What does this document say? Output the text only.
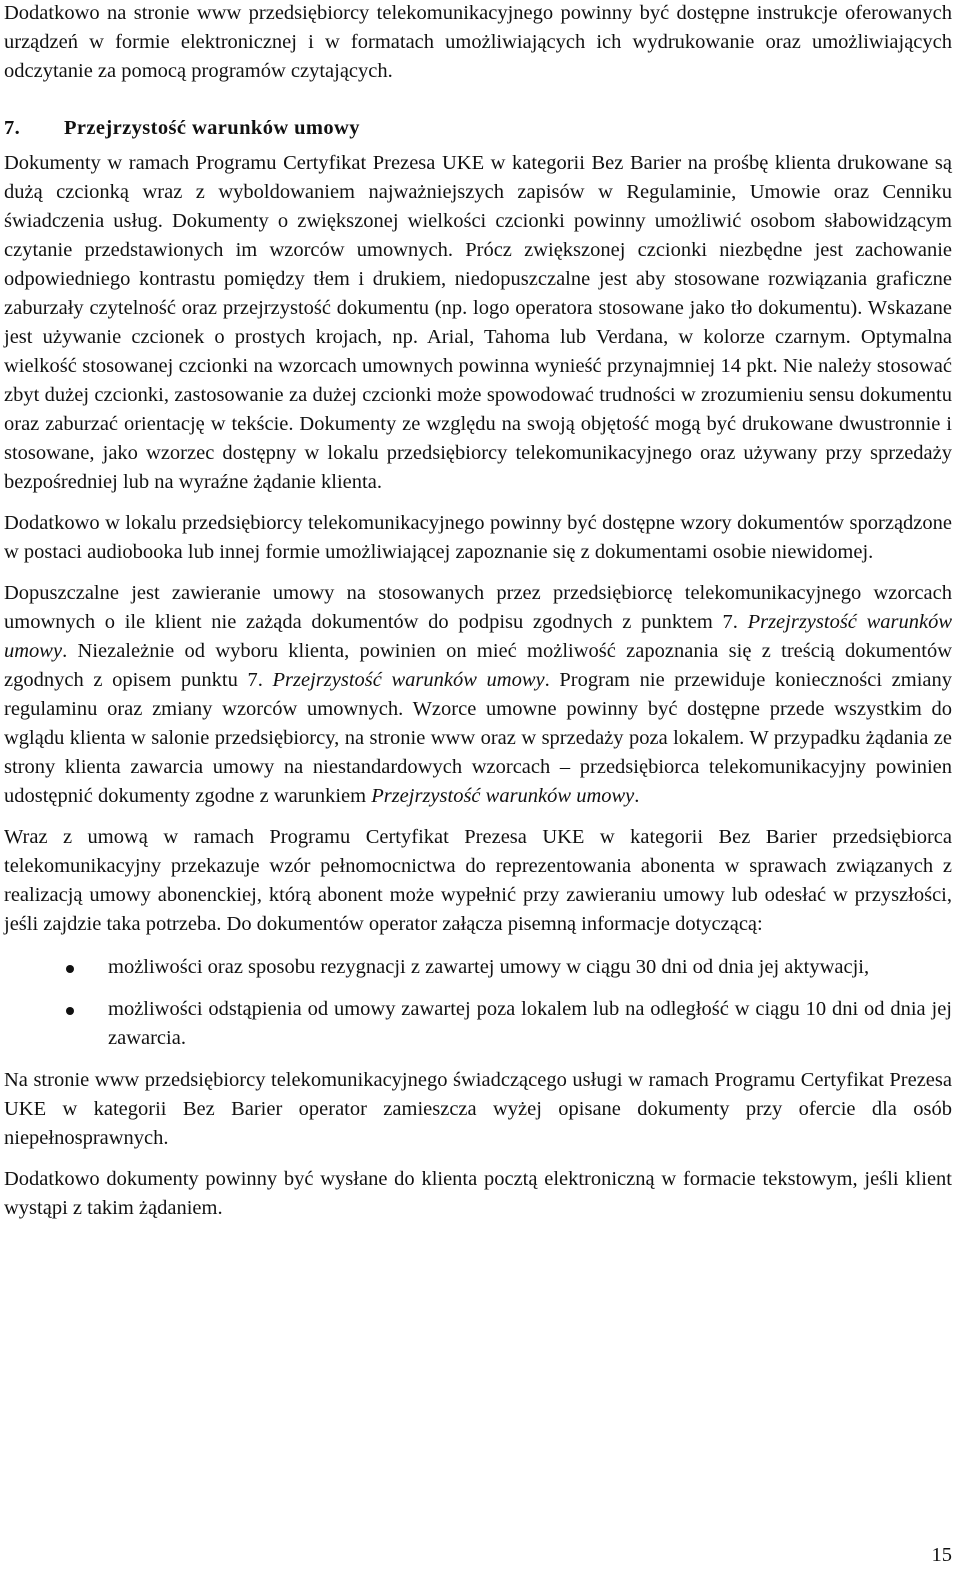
Dodatkowo na stronie www przedsiębiorcy telekomunikacyjnego powinny być dostępne instrukcje oferowanych urządzeń w formie elektronicznej i w formatach umożliwiających ich wydrukowanie oraz umożliwiających odczytanie za pomocą programów czytających.

7. Przejrzystość warunków umowy

Dokumenty w ramach Programu Certyfikat Prezesa UKE w kategorii Bez Barier na prośbę klienta drukowane są dużą czcionką wraz z wyboldowaniem najważniejszych zapisów w Regulaminie, Umowie oraz Cenniku świadczenia usług. Dokumenty o zwiększonej wielkości czcionki powinny umożliwić osobom słabowidzącym czytanie przedstawionych im wzorców umownych. Prócz zwiększonej czcionki niezbędne jest zachowanie odpowiedniego kontrastu pomiędzy tłem i drukiem, niedopuszczalne jest aby stosowane rozwiązania graficzne zaburzały czytelność oraz przejrzystość dokumentu (np. logo operatora stosowane jako tło dokumentu). Wskazane jest używanie czcionek o prostych krojach, np. Arial, Tahoma lub Verdana, w kolorze czarnym. Optymalna wielkość stosowanej czcionki na wzorcach umownych powinna wynieść przynajmniej 14 pkt. Nie należy stosować zbyt dużej czcionki, zastosowanie za dużej czcionki może spowodować trudności w zrozumieniu sensu dokumentu oraz zaburzać orientację w tekście. Dokumenty ze względu na swoją objętość mogą być drukowane dwustronnie i stosowane, jako wzorzec dostępny w lokalu przedsiębiorcy telekomunikacyjnego oraz używany przy sprzedaży bezpośredniej lub na wyraźne żądanie klienta.

Dodatkowo w lokalu przedsiębiorcy telekomunikacyjnego powinny być dostępne wzory dokumentów sporządzone w postaci audiobooka lub innej formie umożliwiającej zapoznanie się z dokumentami osobie niewidomej.

Dopuszczalne jest zawieranie umowy na stosowanych przez przedsiębiorcę telekomunikacyjnego wzorcach umownych o ile klient nie zażąda dokumentów do podpisu zgodnych z punktem 7. Przejrzystość warunków umowy. Niezależnie od wyboru klienta, powinien on mieć możliwość zapoznania się z treścią dokumentów zgodnych z opisem punktu 7. Przejrzystość warunków umowy. Program nie przewiduje konieczności zmiany regulaminu oraz zmiany wzorców umownych. Wzorce umowne powinny być dostępne przede wszystkim do wglądu klienta w salonie przedsiębiorcy, na stronie www oraz w sprzedaży poza lokalem. W przypadku żądania ze strony klienta zawarcia umowy na niestandardowych wzorcach – przedsiębiorca telekomunikacyjny powinien udostępnić dokumenty zgodne z warunkiem Przejrzystość warunków umowy.

Wraz z umową w ramach Programu Certyfikat Prezesa UKE w kategorii Bez Barier przedsiębiorca telekomunikacyjny przekazuje wzór pełnomocnictwa do reprezentowania abonenta w sprawach związanych z realizacją umowy abonenckiej, którą abonent może wypełnić przy zawieraniu umowy lub odesłać w przyszłości, jeśli zajdzie taka potrzeba. Do dokumentów operator załącza pisemną informacje dotyczącą:

możliwości oraz sposobu rezygnacji z zawartej umowy w ciągu 30 dni od dnia jej aktywacji,
możliwości odstąpienia od umowy zawartej poza lokalem lub na odległość w ciągu 10 dni od dnia jej zawarcia.

Na stronie www przedsiębiorcy telekomunikacyjnego świadczącego usługi w ramach Programu Certyfikat Prezesa UKE w kategorii Bez Barier operator zamieszcza wyżej opisane dokumenty przy ofercie dla osób niepełnosprawnych.

Dodatkowo dokumenty powinny być wysłane do klienta pocztą elektroniczną w formacie tekstowym, jeśli klient wystąpi z takim żądaniem.

15
